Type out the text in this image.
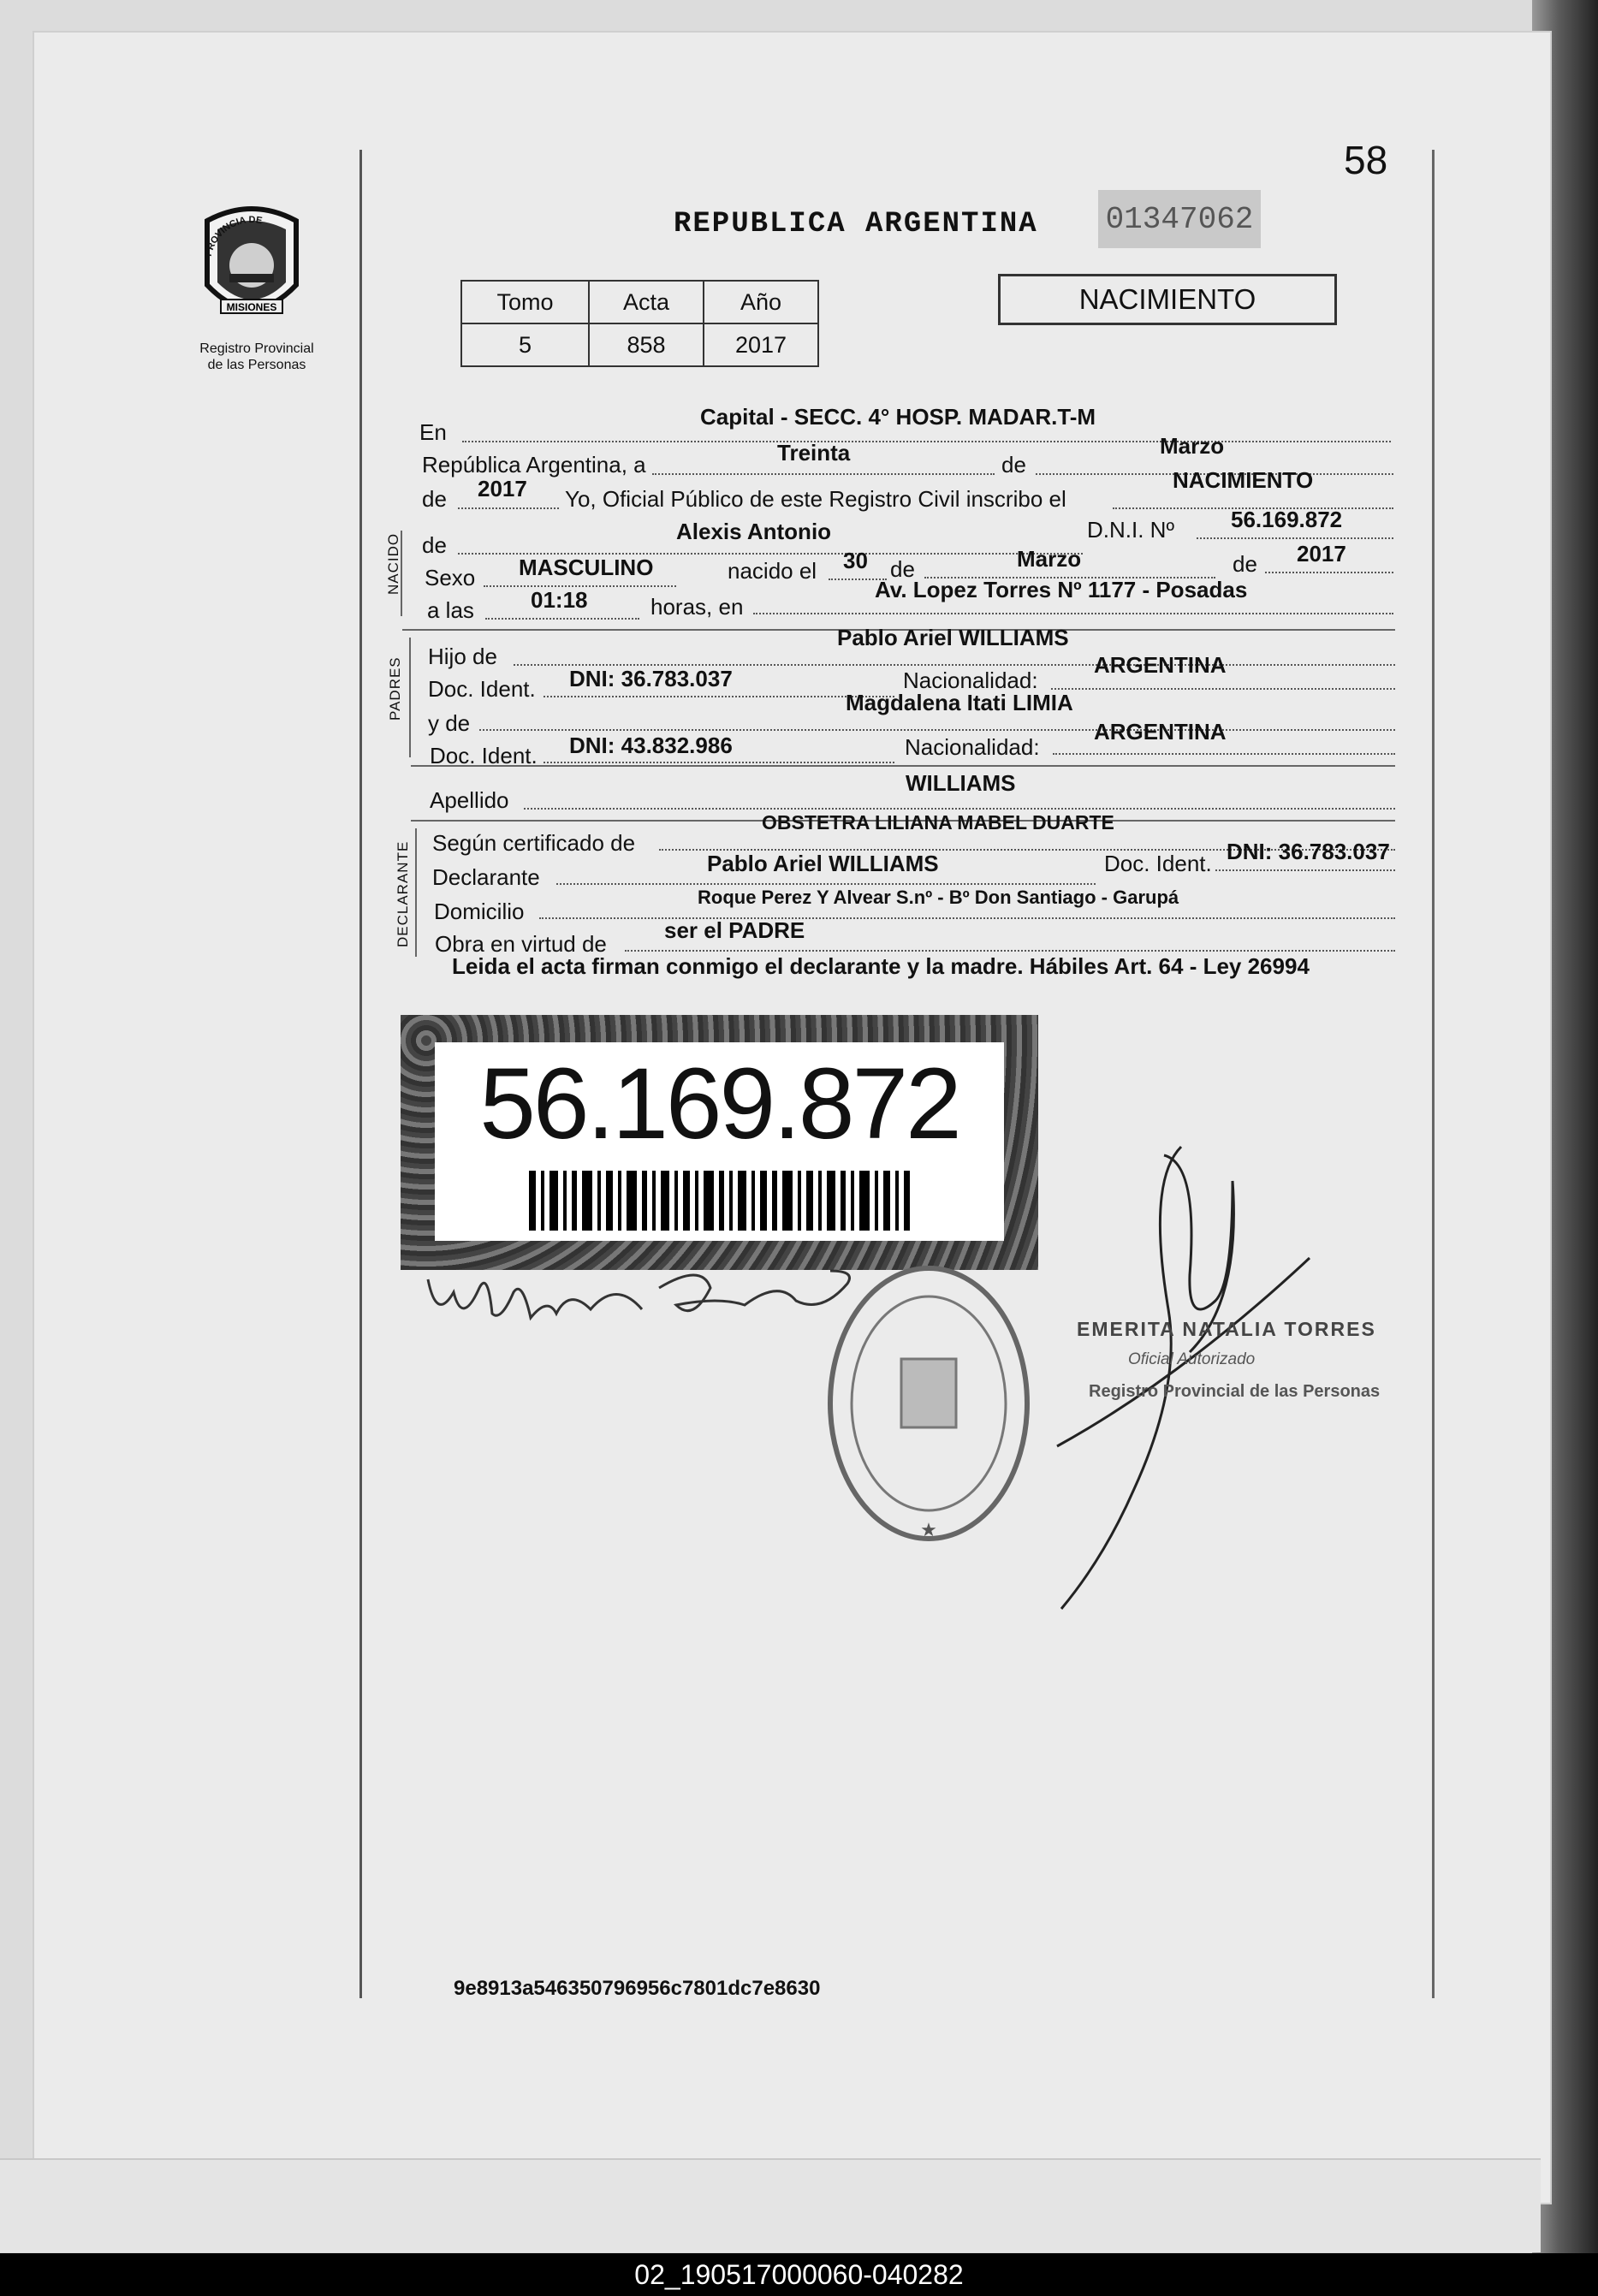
58
PROVINCIA DE
MISIONES
Registro Provincial
de las Personas
REPUBLICA ARGENTINA 01347062
Tomo	Acta	Año
5	858	2017
NACIMIENTO
En
Capital - SECC. 4° HOSP. MADAR.T-M
República Argentina, a	Treinta	de
Marzo
de 2017 Yo, Oficial Público de este Registro Civil inscribo el
NACIMIENTO
NACIDO de
Alexis Antonio	D.N.I. Nº	56.169.872
Sexo MASCULINO	nacido el 30 de	Marzo	de 2017
a las	01:18	horas, en
Av. Lopez Torres Nº 1177 - Posadas
PADRES
Hijo de
Pablo Ariel WILLIAMS
Doc. Ident. DNI: 36.783.037	Nacionalidad:
ARGENTINA
y de
Magdalena Itati LIMIA
Doc. Ident. DNI: 43.832.986	Nacionalidad:
ARGENTINA
Apellido
WILLIAMS
DECLARANTE Según certificado de
OBSTETRA LILIANA MABEL DUARTE
Declarante
Pablo Ariel WILLIAMS	Doc. Ident. DNI: 36.783.037
Domicilio
Roque Perez Y Alvear S.nº - Bº Don Santiago - Garupá
Obra en virtud de
ser el PADRE
Leida el acta firman conmigo el declarante y la madre. Hábiles Art. 64 - Ley 26994
56.169.872
★
EMERITA NATALIA TORRES
Oficial Autorizado
Registro Provincial de las Personas
9e8913a546350796956c7801dc7e8630
02_190517000060-040282
